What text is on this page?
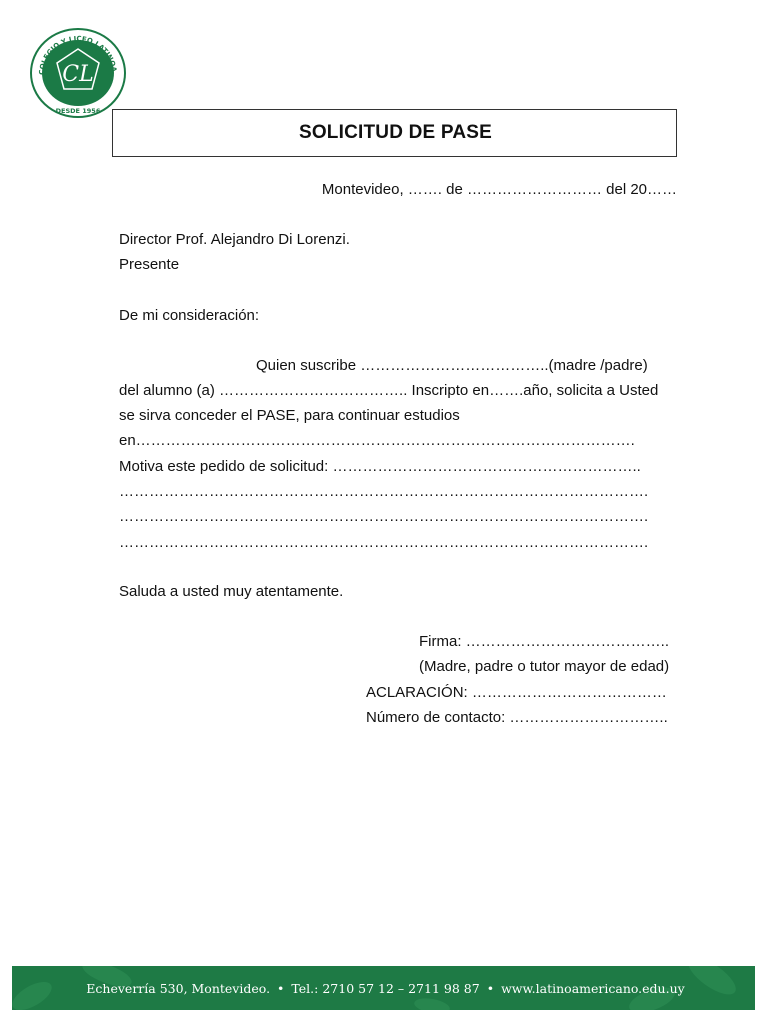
COLEGIO Y LICEO LATINOA
DESDE 1956
CL
SOLICITUD DE PASE
Montevideo, ……. de ……………………… del 20……
Director Prof. Alejandro Di Lorenzi.
Presente
De mi consideración:
Quien suscribe ………………………………..(madre /padre)
del alumno (a) ……………………………….. Inscripto en…….año, solicita a Usted
se sirva conceder el PASE, para continuar estudios
en……………………………………………………………………………………….
Motiva este pedido de solicitud: ……………………………………………………..
…………………………………………………………………………………………….
…………………………………………………………………………………………….
…………………………………………………………………………………………….
Saluda a usted muy atentamente.
Firma: …………………………………..
(Madre, padre o tutor mayor de edad)
ACLARACIÓN: …………………………………
Número de contacto: …………………………..
Echeverría 530, Montevideo. • Tel.: 2710 57 12 – 2711 98 87 • www.latinoamericano.edu.uy
